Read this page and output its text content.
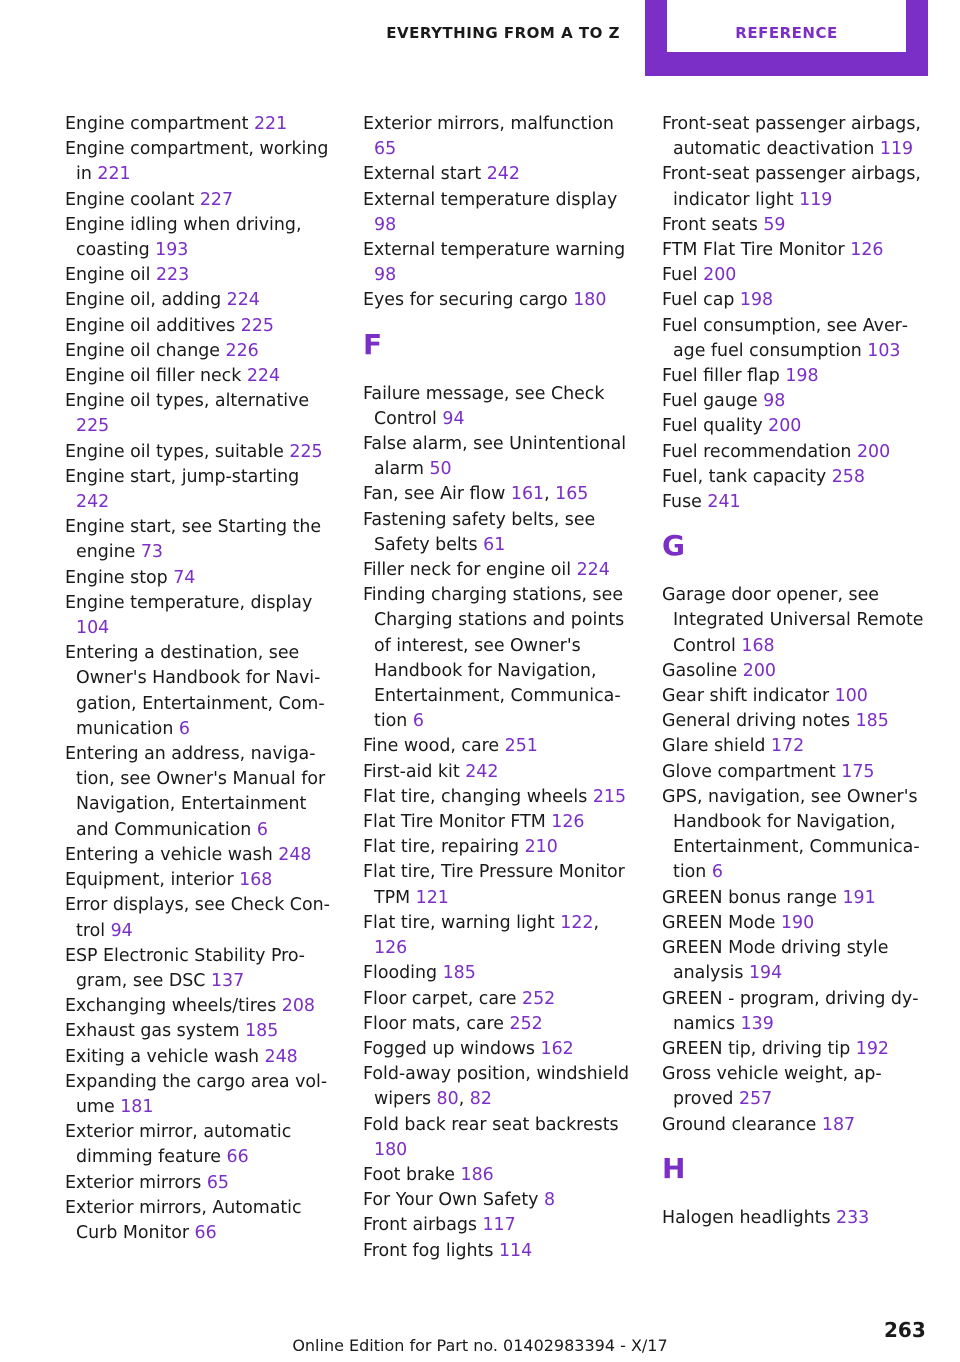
EVERYTHING FROM A TO Z	REFERENCE
Engine compartment 221
Engine compartment, working in 221
Engine coolant 227
Engine idling when driving, coasting 193
Engine oil 223
Engine oil, adding 224
Engine oil additives 225
Engine oil change 226
Engine oil filler neck 224
Engine oil types, alternative 225
Engine oil types, suitable 225
Engine start, jump-starting 242
Engine start, see Starting the engine 73
Engine stop 74
Engine temperature, display 104
Entering a destination, see Owner's Handbook for Navigation, Entertainment, Communication 6
Entering an address, navigation, see Owner's Manual for Navigation, Entertainment and Communication 6
Entering a vehicle wash 248
Equipment, interior 168
Error displays, see Check Control 94
ESP Electronic Stability Program, see DSC 137
Exchanging wheels/tires 208
Exhaust gas system 185
Exiting a vehicle wash 248
Expanding the cargo area volume 181
Exterior mirror, automatic dimming feature 66
Exterior mirrors 65
Exterior mirrors, Automatic Curb Monitor 66
Exterior mirrors, malfunction 65
External start 242
External temperature display 98
External temperature warning 98
Eyes for securing cargo 180
F
Failure message, see Check Control 94
False alarm, see Unintentional alarm 50
Fan, see Air flow 161, 165
Fastening safety belts, see Safety belts 61
Filler neck for engine oil 224
Finding charging stations, see Charging stations and points of interest, see Owner's Handbook for Navigation, Entertainment, Communication 6
Fine wood, care 251
First-aid kit 242
Flat tire, changing wheels 215
Flat Tire Monitor FTM 126
Flat tire, repairing 210
Flat tire, Tire Pressure Monitor TPM 121
Flat tire, warning light 122, 126
Flooding 185
Floor carpet, care 252
Floor mats, care 252
Fogged up windows 162
Fold-away position, windshield wipers 80, 82
Fold back rear seat backrests 180
Foot brake 186
For Your Own Safety 8
Front airbags 117
Front fog lights 114
Front-seat passenger airbags, automatic deactivation 119
Front-seat passenger airbags, indicator light 119
Front seats 59
FTM Flat Tire Monitor 126
Fuel 200
Fuel cap 198
Fuel consumption, see Average fuel consumption 103
Fuel filler flap 198
Fuel gauge 98
Fuel quality 200
Fuel recommendation 200
Fuel, tank capacity 258
Fuse 241
G
Garage door opener, see Integrated Universal Remote Control 168
Gasoline 200
Gear shift indicator 100
General driving notes 185
Glare shield 172
Glove compartment 175
GPS, navigation, see Owner's Handbook for Navigation, Entertainment, Communication 6
GREEN bonus range 191
GREEN Mode 190
GREEN Mode driving style analysis 194
GREEN - program, driving dynamics 139
GREEN tip, driving tip 192
Gross vehicle weight, approved 257
Ground clearance 187
H
Halogen headlights 233
263
Online Edition for Part no. 01402983394 - X/17
